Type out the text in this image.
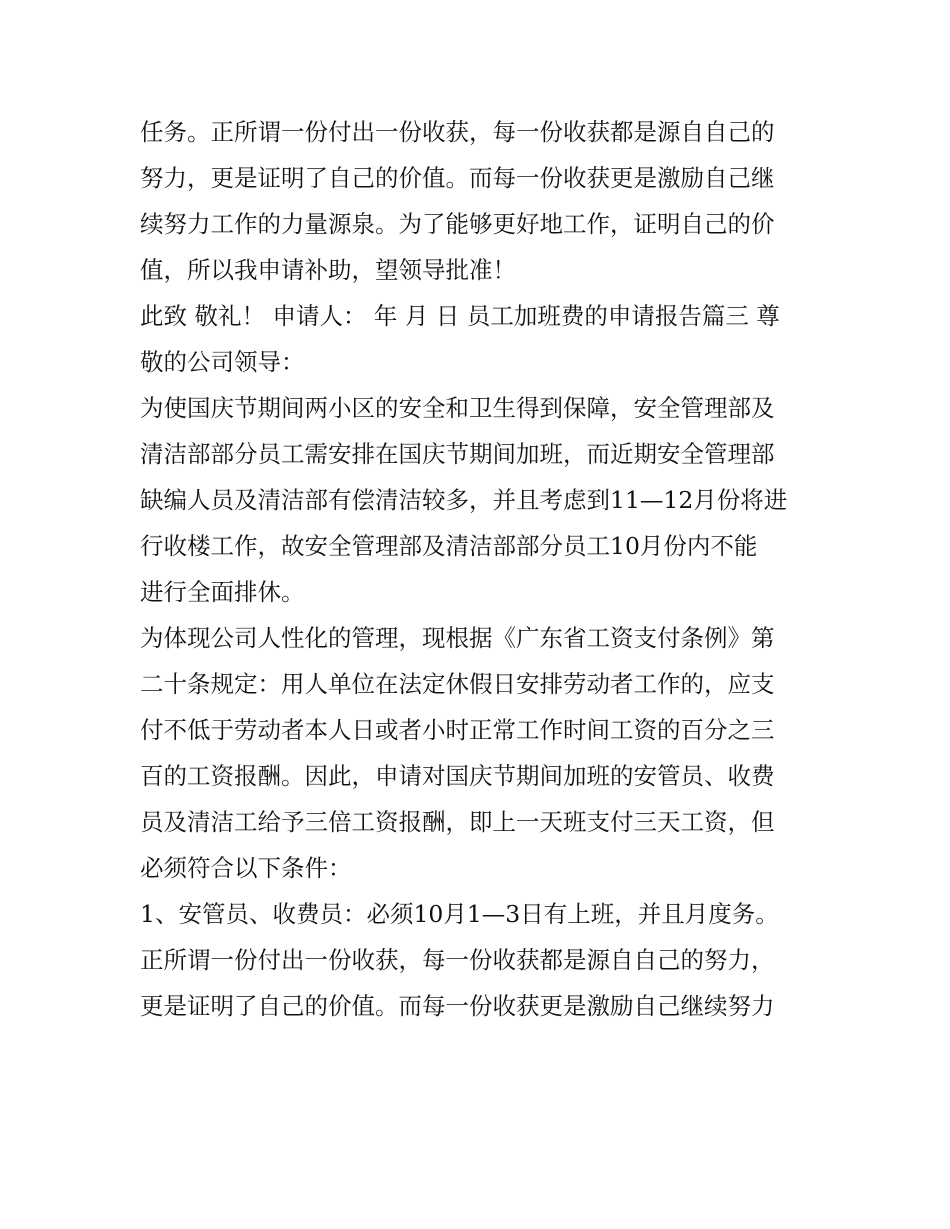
任务。正所谓一份付出一份收获，每一份收获都是源自自己的
努力，更是证明了自己的价值。而每一份收获更是激励自己继
续努力工作的力量源泉。为了能够更好地工作，证明自己的价
值，所以我申请补助，望领导批准！
此致 敬礼！ 申请人： 年 月 日 员工加班费的申请报告篇三 尊
敬的公司领导：
为使国庆节期间两小区的安全和卫生得到保障，安全管理部及
清洁部部分员工需安排在国庆节期间加班，而近期安全管理部
缺编人员及清洁部有偿清洁较多，并且考虑到11—12月份将进
行收楼工作，故安全管理部及清洁部部分员工10月份内不能
进行全面排休。
为体现公司人性化的管理，现根据《广东省工资支付条例》第
二十条规定：用人单位在法定休假日安排劳动者工作的，应支
付不低于劳动者本人日或者小时正常工作时间工资的百分之三
百的工资报酬。因此，申请对国庆节期间加班的安管员、收费
员及清洁工给予三倍工资报酬，即上一天班支付三天工资，但
必须符合以下条件：
1、安管员、收费员：必须10月1—3日有上班，并且月度务。
正所谓一份付出一份收获，每一份收获都是源自自己的努力，
更是证明了自己的价值。而每一份收获更是激励自己继续努力
